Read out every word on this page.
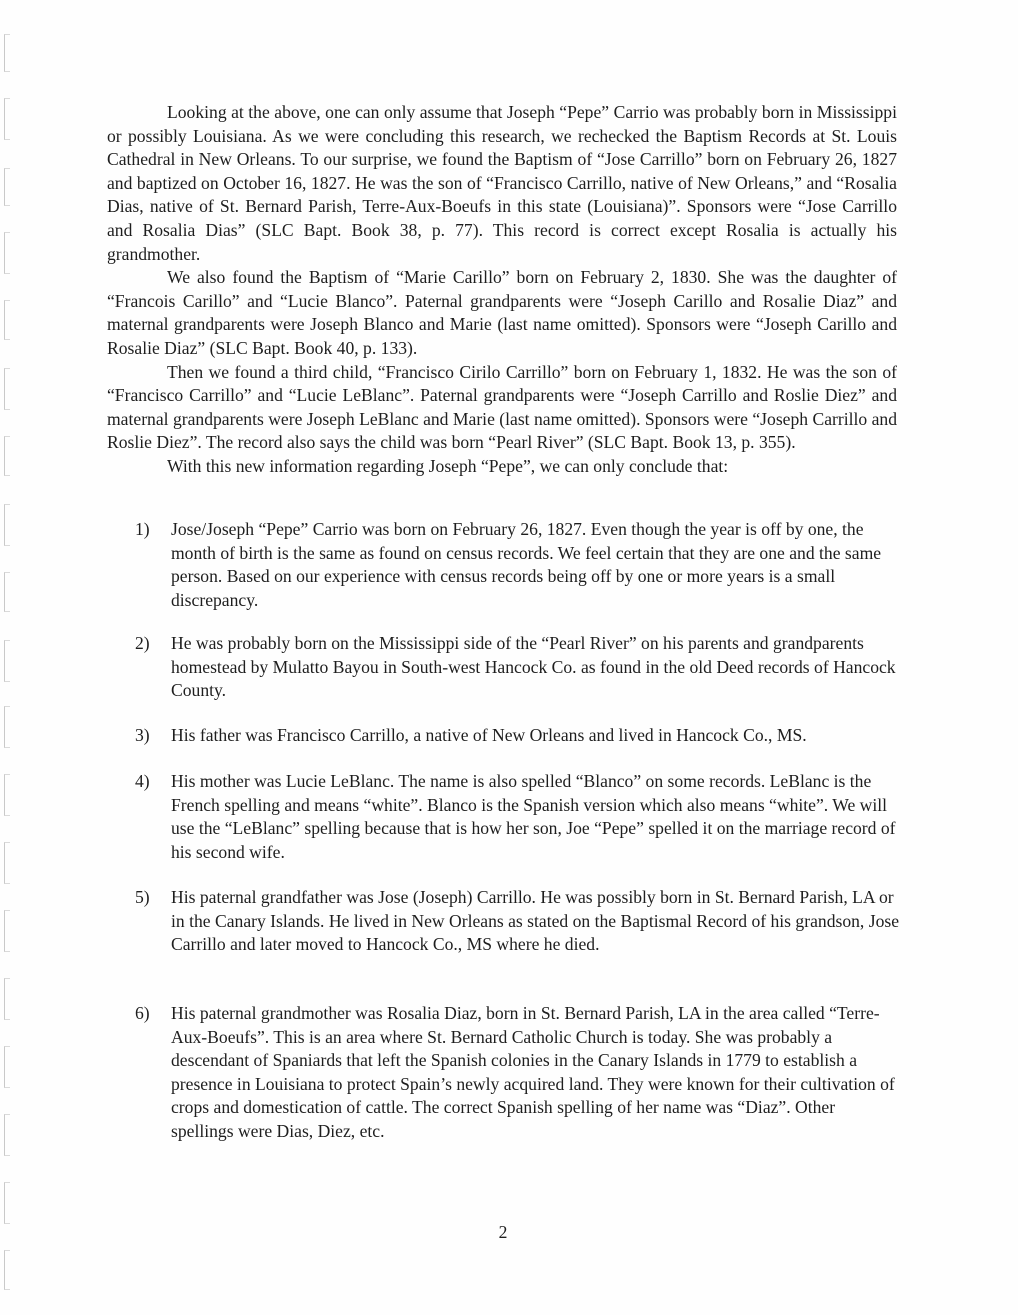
Looking at the above, one can only assume that Joseph “Pepe” Carrio was probably born in Mississippi or possibly Louisiana. As we were concluding this research, we rechecked the Baptism Records at St. Louis Cathedral in New Orleans. To our surprise, we found the Baptism of “Jose Carrillo” born on February 26, 1827 and baptized on October 16, 1827. He was the son of “Francisco Carrillo, native of New Orleans,” and “Rosalia Dias, native of St. Bernard Parish, Terre-Aux-Boeufs in this state (Louisiana)”. Sponsors were “Jose Carrillo and Rosalia Dias” (SLC Bapt. Book 38, p. 77). This record is correct except Rosalia is actually his grandmother.

We also found the Baptism of “Marie Carillo” born on February 2, 1830. She was the daughter of “Francois Carillo” and “Lucie Blanco”. Paternal grandparents were “Joseph Carillo and Rosalie Diaz” and maternal grandparents were Joseph Blanco and Marie (last name omitted). Sponsors were “Joseph Carillo and Rosalie Diaz” (SLC Bapt. Book 40, p. 133).

Then we found a third child, “Francisco Cirilo Carrillo” born on February 1, 1832. He was the son of “Francisco Carrillo” and “Lucie LeBlanc”. Paternal grandparents were “Joseph Carrillo and Roslie Diez” and maternal grandparents were Joseph LeBlanc and Marie (last name omitted). Sponsors were “Joseph Carrillo and Roslie Diez”. The record also says the child was born “Pearl River” (SLC Bapt. Book 13, p. 355).

With this new information regarding Joseph “Pepe”, we can only conclude that:

1)	Jose/Joseph “Pepe” Carrio was born on February 26, 1827. Even though the year is off by one, the month of birth is the same as found on census records. We feel certain that they are one and the same person. Based on our experience with census records being off by one or more years is a small discrepancy.
2)	He was probably born on the Mississippi side of the “Pearl River” on his parents and grandparents homestead by Mulatto Bayou in South-west Hancock Co. as found in the old Deed records of Hancock County.
3)	His father was Francisco Carrillo, a native of New Orleans and lived in Hancock Co., MS.
4)	His mother was Lucie LeBlanc. The name is also spelled “Blanco” on some records. LeBlanc is the French spelling and means “white”. Blanco is the Spanish version which also means “white”. We will use the “LeBlanc” spelling because that is how her son, Joe “Pepe” spelled it on the marriage record of his second wife.
5)	His paternal grandfather was Jose (Joseph) Carrillo. He was possibly born in St. Bernard Parish, LA or in the Canary Islands. He lived in New Orleans as stated on the Baptismal Record of his grandson, Jose Carrillo and later moved to Hancock Co., MS where he died.
6)	His paternal grandmother was Rosalia Diaz, born in St. Bernard Parish, LA in the area called “Terre-Aux-Boeufs”. This is an area where St. Bernard Catholic Church is today. She was probably a descendant of Spaniards that left the Spanish colonies in the Canary Islands in 1779 to establish a presence in Louisiana to protect Spain’s newly acquired land. They were known for their cultivation of crops and domestication of cattle. The correct Spanish spelling of her name was “Diaz”. Other spellings were Dias, Diez, etc.
2
